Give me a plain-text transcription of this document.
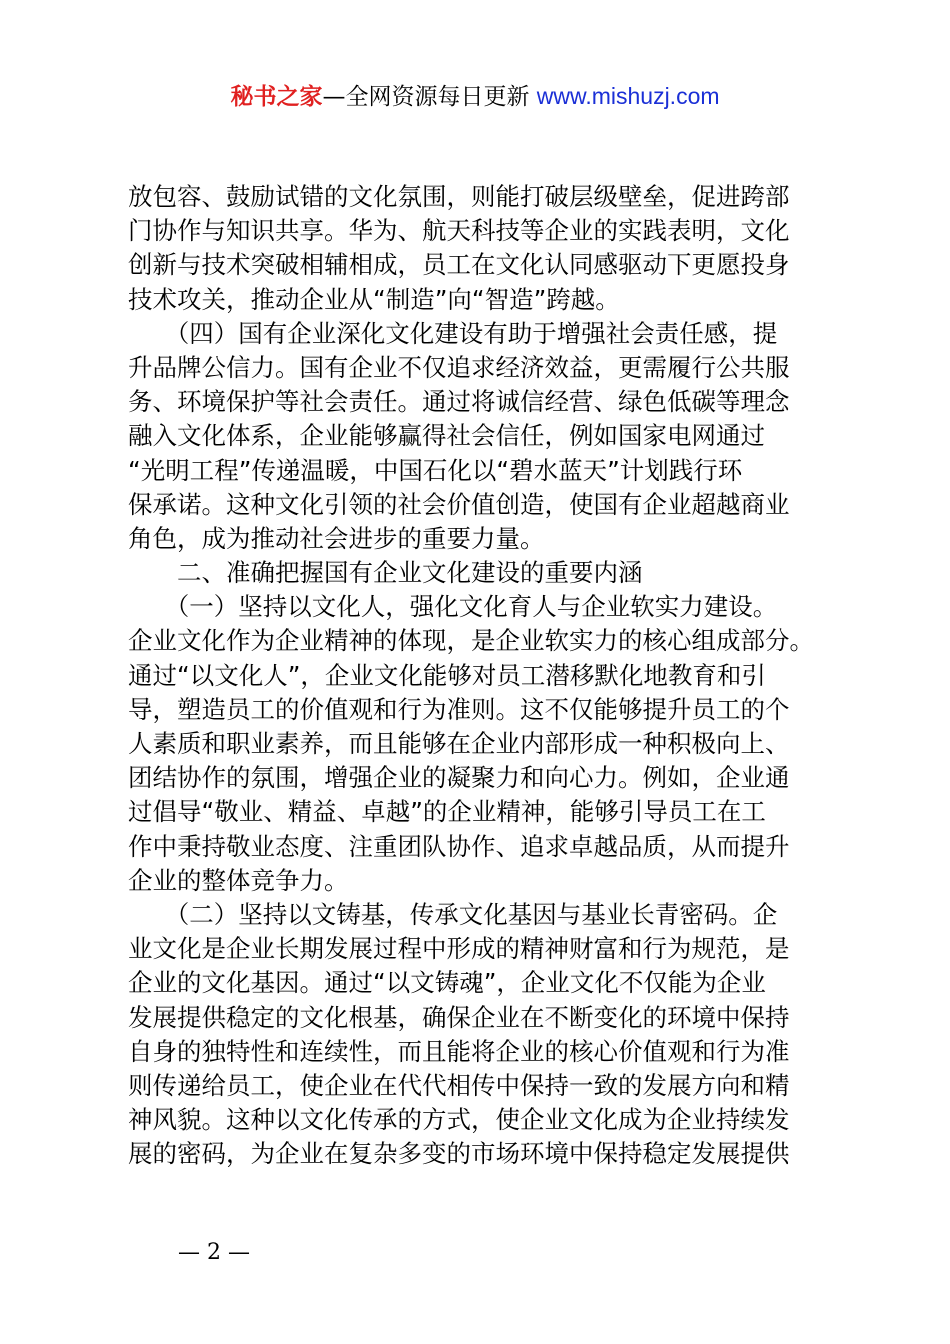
秘书之家—全网资源每日更新 www.mishuzj.com
放包容、鼓励试错的文化氛围，则能打破层级壁垒，促进跨部
门协作与知识共享。华为、航天科技等企业的实践表明，文化
创新与技术突破相辅相成，员工在文化认同感驱动下更愿投身
技术攻关，推动企业从“制造”向“智造”跨越。
　　（四）国有企业深化文化建设有助于增强社会责任感，提
升品牌公信力。国有企业不仅追求经济效益，更需履行公共服
务、环境保护等社会责任。通过将诚信经营、绿色低碳等理念
融入文化体系，企业能够赢得社会信任，例如国家电网通过
“光明工程”传递温暖，中国石化以“碧水蓝天”计划践行环
保承诺。这种文化引领的社会价值创造，使国有企业超越商业
角色，成为推动社会进步的重要力量。
　　二、准确把握国有企业文化建设的重要内涵
　　（一）坚持以文化人，强化文化育人与企业软实力建设。
企业文化作为企业精神的体现，是企业软实力的核心组成部分。
通过“以文化人”，企业文化能够对员工潜移默化地教育和引
导，塑造员工的价值观和行为准则。这不仅能够提升员工的个
人素质和职业素养，而且能够在企业内部形成一种积极向上、
团结协作的氛围，增强企业的凝聚力和向心力。例如，企业通
过倡导“敬业、精益、卓越”的企业精神，能够引导员工在工
作中秉持敬业态度、注重团队协作、追求卓越品质，从而提升
企业的整体竞争力。
　　（二）坚持以文铸基，传承文化基因与基业长青密码。企
业文化是企业长期发展过程中形成的精神财富和行为规范，是
企业的文化基因。通过“以文铸魂”，企业文化不仅能为企业
发展提供稳定的文化根基，确保企业在不断变化的环境中保持
自身的独特性和连续性，而且能将企业的核心价值观和行为准
则传递给员工，使企业在代代相传中保持一致的发展方向和精
神风貌。这种以文化传承的方式，使企业文化成为企业持续发
展的密码，为企业在复杂多变的市场环境中保持稳定发展提供
— 2 —
